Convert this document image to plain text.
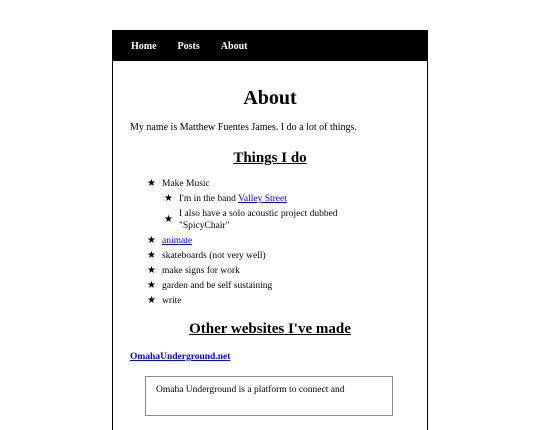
Home Posts About
About

My name is Matthew Fuentes James. I do a lot of things.

Things I do
★ Make Music
★ I'm in the band Valley Street
★ I also have a solo acoustic project dubbed "SpicyChair"
★ animate
★ skateboards (not very well)
★ make signs for work
★ garden and be self sustaining
★ write
Other websites I've made
OmahaUnderground.net
Omaha Underground is a platform to connect and
